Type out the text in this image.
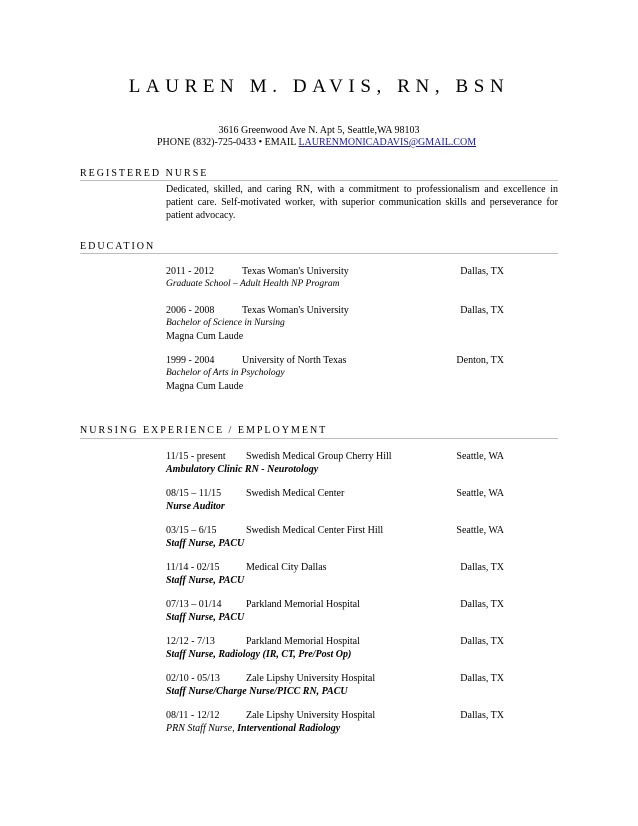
LAUREN M. DAVIS, RN, BSN
3616 Greenwood Ave N. Apt 5, Seattle,WA 98103
PHONE (832)-725-0433 • EMAIL LAURENMONICADAVIS@GMAIL.COM
REGISTERED NURSE
Dedicated, skilled, and caring RN, with a commitment to professionalism and excellence in patient care. Self-motivated worker, with superior communication skills and perseverance for patient advocacy.
EDUCATION
2011 - 2012	Texas Woman's University	Dallas, TX
Graduate School – Adult Health NP Program
2006 - 2008	Texas Woman's University	Dallas, TX
Bachelor of Science in Nursing
Magna Cum Laude
1999 - 2004	University of North Texas	Denton, TX
Bachelor of Arts in Psychology
Magna Cum Laude
NURSING EXPERIENCE / EMPLOYMENT
11/15 - present Swedish Medical Group Cherry Hill	Seattle, WA
Ambulatory Clinic RN - Neurotology
08/15 – 11/15 Swedish Medical Center	Seattle, WA
Nurse Auditor
03/15 – 6/15	Swedish Medical Center First Hill	Seattle, WA
Staff Nurse, PACU
11/14 - 02/15	Medical City Dallas	Dallas, TX
Staff Nurse, PACU
07/13 – 01/14 Parkland Memorial Hospital	Dallas, TX
Staff Nurse, PACU
12/12 - 7/13	Parkland Memorial Hospital	Dallas, TX
Staff Nurse, Radiology (IR, CT, Pre/Post Op)
02/10 - 05/13	Zale Lipshy University Hospital	Dallas, TX
Staff Nurse/Charge Nurse/PICC RN, PACU
08/11 - 12/12	Zale Lipshy University Hospital	Dallas, TX
PRN Staff Nurse, Interventional Radiology
